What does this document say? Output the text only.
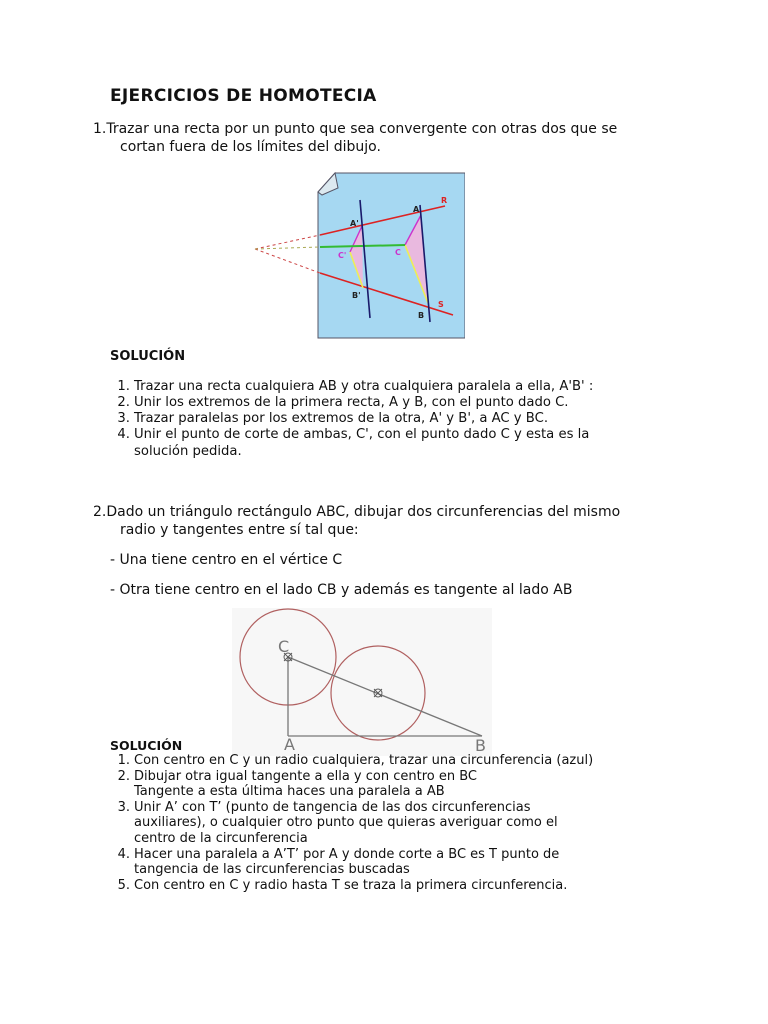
EJERCICIOS DE HOMOTECIA
1.Trazar una recta por un punto que sea convergente con otras dos que se
cortan fuera de los límites del dibujo.
A'
A
R
C'	C
B'
S
B
SOLUCIÓN
1. Trazar una recta cualquiera AB y otra cualquiera paralela a ella, A'B' :
2. Unir los extremos de la primera recta, A y B, con el punto dado C.
3. Trazar paralelas por los extremos de la otra, A' y B', a AC y BC.
4. Unir el punto de corte de ambas, C', con el punto dado C y esta es la
solución pedida.
2.Dado un triángulo rectángulo ABC, dibujar dos circunferencias del mismo
radio y tangentes entre sí tal que:
- Una tiene centro en el vértice C
- Otra tiene centro en el lado CB y además es tangente al lado AB
C
A	B
SOLUCIÓN
1. Con centro en C y un radio cualquiera, trazar una circunferencia (azul)
2. Dibujar otra igual tangente a ella y con centro en BC
Tangente a esta última haces una paralela a AB
3. Unir A’ con T’ (punto de tangencia de las dos circunferencias
auxiliares), o cualquier otro punto que quieras averiguar como el
centro de la circunferencia
4. Hacer una paralela a A’T’ por A y donde corte a BC es T punto de
tangencia de las circunferencias buscadas
5. Con centro en C y radio hasta T se traza la primera circunferencia.
